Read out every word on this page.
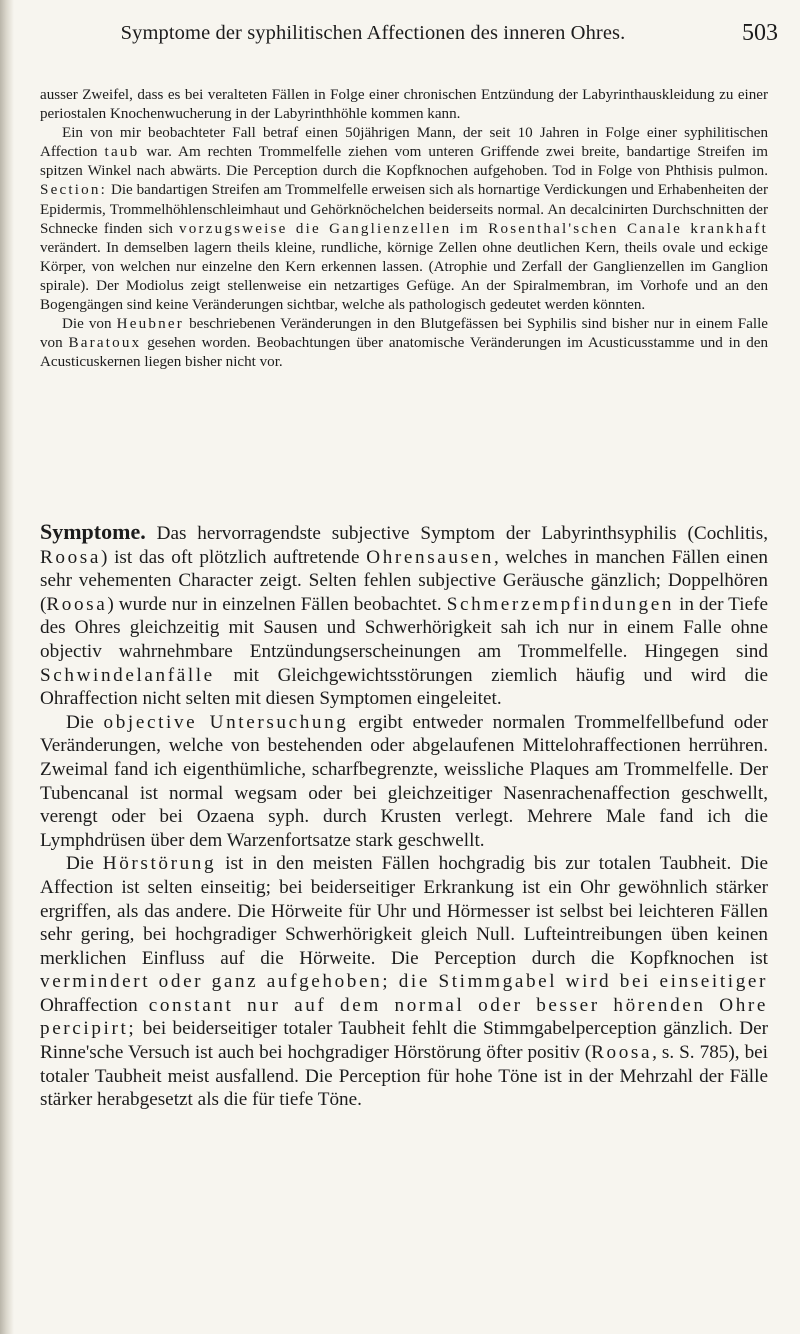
Symptome der syphilitischen Affectionen des inneren Ohres.	503

ausser Zweifel, dass es bei veralteten Fällen in Folge einer chronischen Entzündung der Labyrinthauskleidung zu einer periostalen Knochenwucherung in der Labyrinthhöhle kommen kann.

Ein von mir beobachteter Fall betraf einen 50jährigen Mann, der seit 10 Jahren in Folge einer syphilitischen Affection taub war. Am rechten Trommelfelle ziehen vom unteren Griffende zwei breite, bandartige Streifen im spitzen Winkel nach abwärts. Die Perception durch die Kopfknochen aufgehoben. Tod in Folge von Phthisis pulmon. Section: Die bandartigen Streifen am Trommelfelle erweisen sich als hornartige Verdickungen und Erhabenheiten der Epidermis, Trommelhöhlenschleimhaut und Gehörknöchelchen beiderseits normal. An decalcinirten Durchschnitten der Schnecke finden sich vorzugsweise die Ganglienzellen im Rosenthal'schen Canale krankhaft verändert. In demselben lagern theils kleine, rundliche, körnige Zellen ohne deutlichen Kern, theils ovale und eckige Körper, von welchen nur einzelne den Kern erkennen lassen. (Atrophie und Zerfall der Ganglienzellen im Ganglion spirale). Der Modiolus zeigt stellenweise ein netzartiges Gefüge. An der Spiralmembran, im Vorhofe und an den Bogengängen sind keine Veränderungen sichtbar, welche als pathologisch gedeutet werden könnten.

Die von Heubner beschriebenen Veränderungen in den Blutgefässen bei Syphilis sind bisher nur in einem Falle von Baratoux gesehen worden. Beobachtungen über anatomische Veränderungen im Acusticusstamme und in den Acusticuskernen liegen bisher nicht vor.

Symptome. Das hervorragendste subjective Symptom der Labyrinthsyphilis (Cochlitis, Roosa) ist das oft plötzlich auftretende Ohrensausen, welches in manchen Fällen einen sehr vehementen Character zeigt. Selten fehlen subjective Geräusche gänzlich; Doppelhören (Roosa) wurde nur in einzelnen Fällen beobachtet. Schmerzempfindungen in der Tiefe des Ohres gleichzeitig mit Sausen und Schwerhörigkeit sah ich nur in einem Falle ohne objectiv wahrnehmbare Entzündungserscheinungen am Trommelfelle. Hingegen sind Schwindelanfälle mit Gleichgewichtsstörungen ziemlich häufig und wird die Ohraffection nicht selten mit diesen Symptomen eingeleitet.

Die objective Untersuchung ergibt entweder normalen Trommelfellbefund oder Veränderungen, welche von bestehenden oder abgelaufenen Mittelohraffectionen herrühren. Zweimal fand ich eigenthümliche, scharfbegrenzte, weissliche Plaques am Trommelfelle. Der Tubencanal ist normal wegsam oder bei gleichzeitiger Nasenrachenaffection geschwellt, verengt oder bei Ozaena syph. durch Krusten verlegt. Mehrere Male fand ich die Lymphdrüsen über dem Warzenfortsatze stark geschwellt.

Die Hörstörung ist in den meisten Fällen hochgradig bis zur totalen Taubheit. Die Affection ist selten einseitig; bei beiderseitiger Erkrankung ist ein Ohr gewöhnlich stärker ergriffen, als das andere. Die Hörweite für Uhr und Hörmesser ist selbst bei leichteren Fällen sehr gering, bei hochgradiger Schwerhörigkeit gleich Null. Lufteintreibungen üben keinen merklichen Einfluss auf die Hörweite. Die Perception durch die Kopfknochen ist vermindert oder ganz aufgehoben; die Stimmgabel wird bei einseitiger Ohraffection constant nur auf dem normal oder besser hörenden Ohre percipirt; bei beiderseitiger totaler Taubheit fehlt die Stimmgabelperception gänzlich. Der Rinne'sche Versuch ist auch bei hochgradiger Hörstörung öfter positiv (Roosa, s. S. 785), bei totaler Taubheit meist ausfallend. Die Perception für hohe Töne ist in der Mehrzahl der Fälle stärker herabgesetzt als die für tiefe Töne.
